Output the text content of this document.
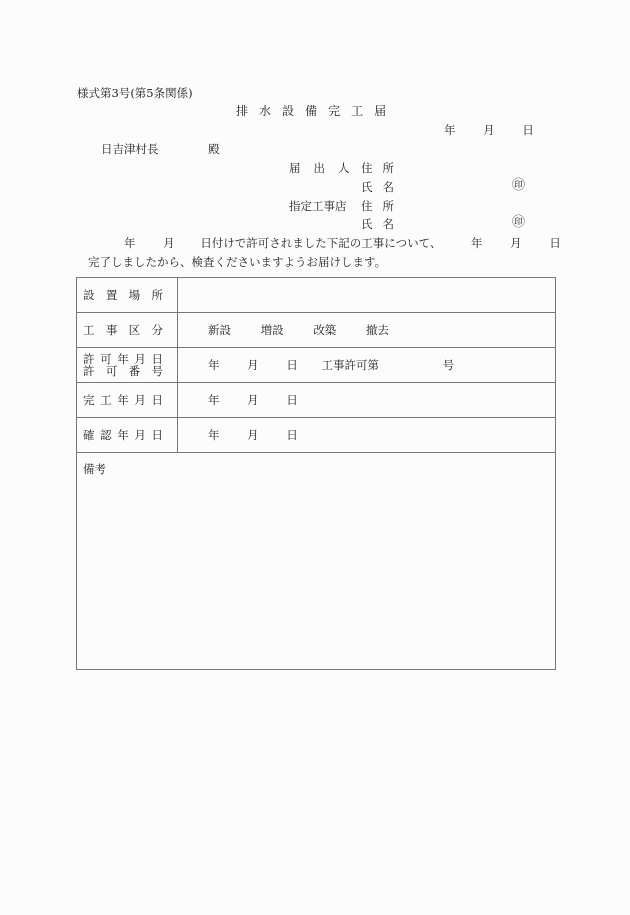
様式第3号(第5条関係)
排 水 設 備 完 工 届
年 月 日
日吉津村長	殿
届 出 人 住 所
氏 名	㊞
指定工事店 住 所
氏 名	㊞
年 月 日付けで許可されました下記の工事について、	年 月 日
完了しましたから、検査くださいますようお届けします。
設 置 場 所	

工 事 区 分	新設 増設 改築 撤去

許 可 年 月 日
許 可 番 号	年 月 日 工事許可第	号

完 工 年 月 日	年 月 日

確 認 年 月 日	年 月 日
備考	
